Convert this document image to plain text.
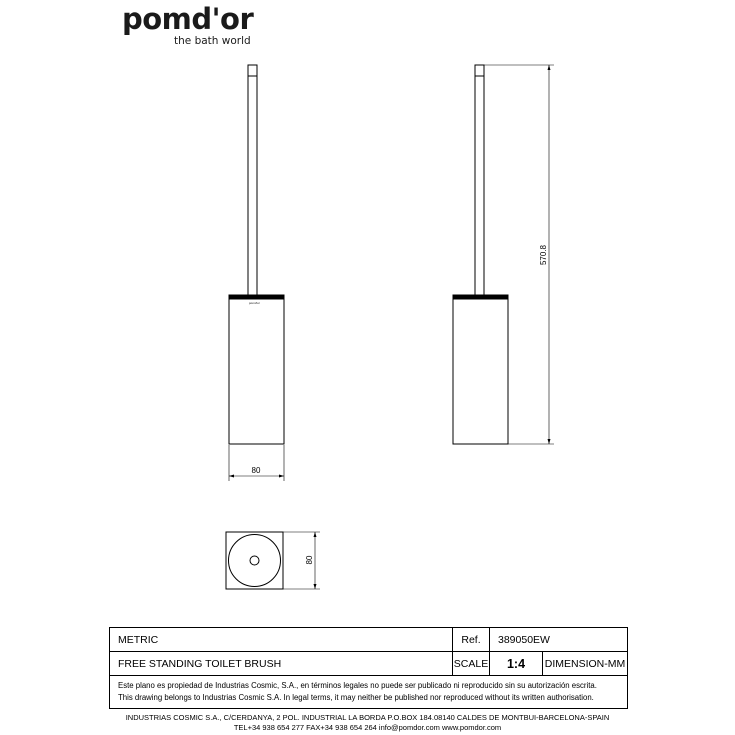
pomd'or
the bath world
pomd'or
80
570.8
80
METRIC	Ref.	389050EW	
FREE STANDING TOILET BRUSH	SCALE	1:4	DIMENSION-MM

Este plano es propiedad de Industrias Cosmic, S.A., en términos legales no puede ser publicado ni reproducido sin su autorización escrita.
This drawing belongs to Industrias Cosmic S.A. In legal terms, it may neither be published nor reproduced without its written authorisation.			
INDUSTRIAS COSMIC S.A., C/CERDANYA, 2 POL. INDUSTRIAL LA BORDA P.O.BOX 184.08140 CALDES DE MONTBUI-BARCELONA-SPAIN
TEL+34 938 654 277 FAX+34 938 654 264 info@pomdor.com www.pomdor.com
